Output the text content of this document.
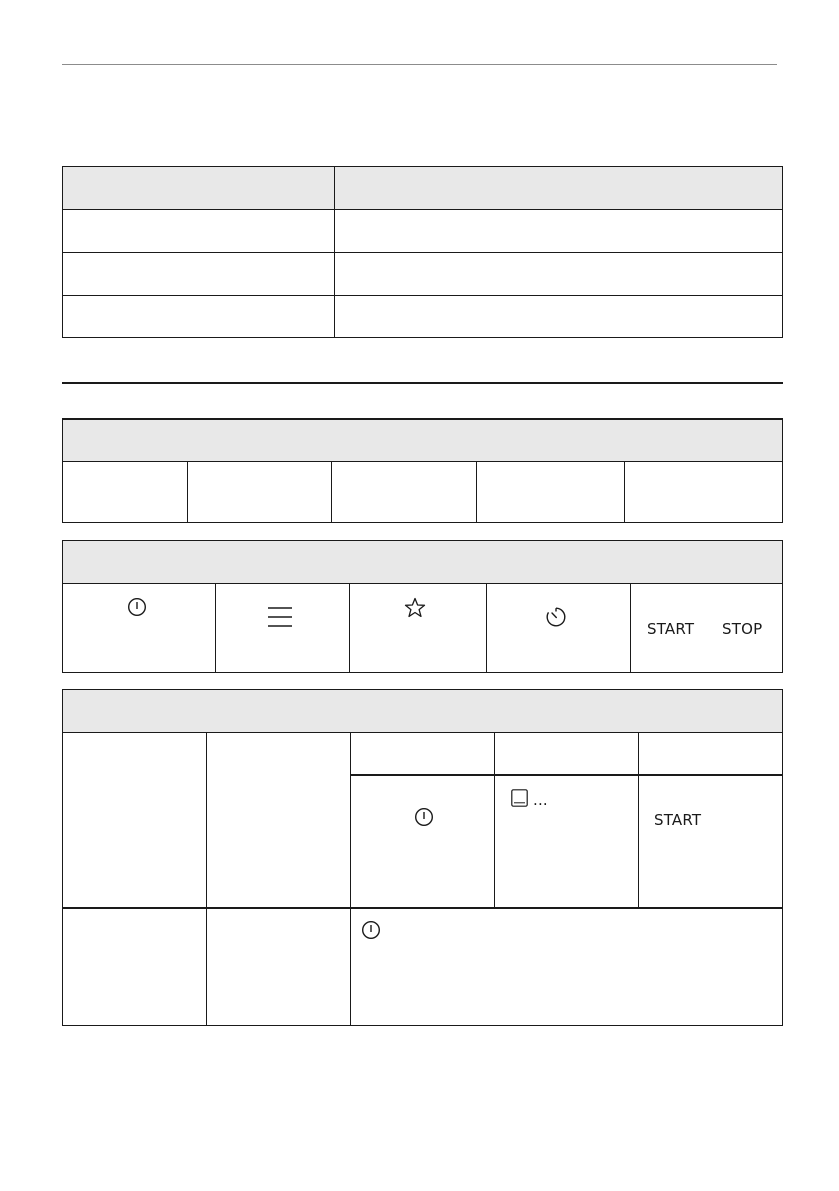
START STOP
...
START
